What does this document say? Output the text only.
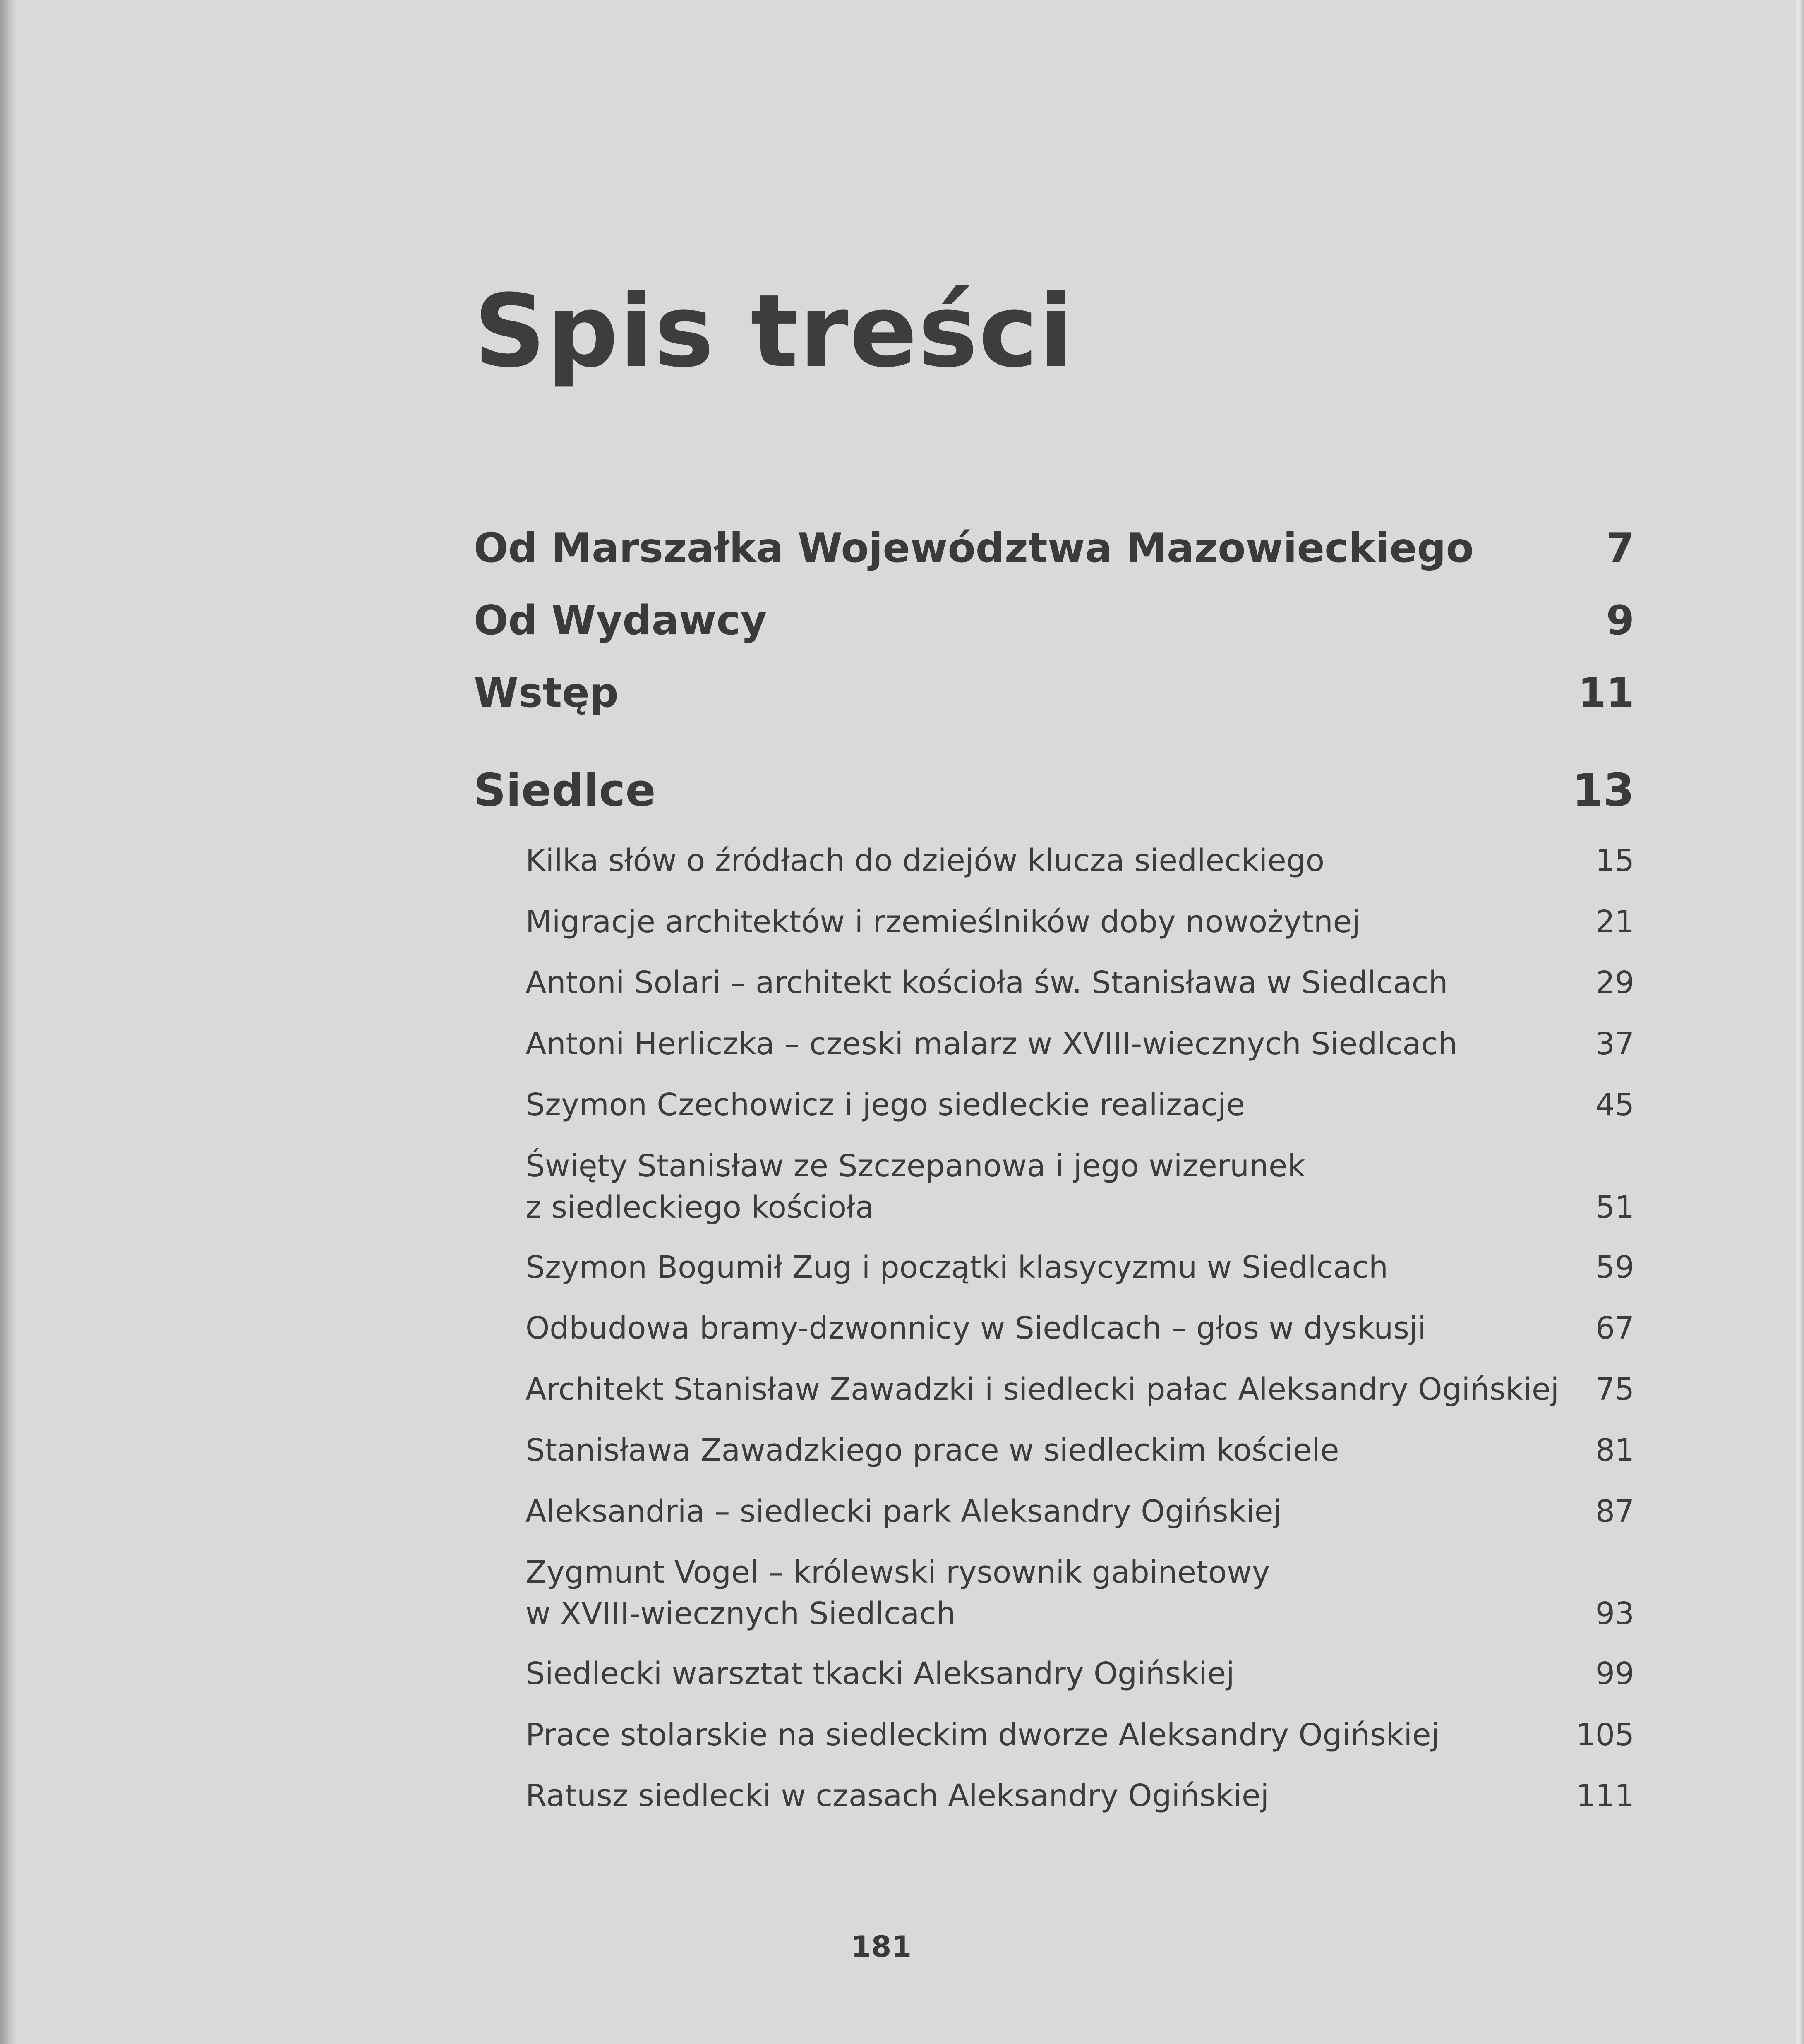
Spis treści
Od Marszałka Województwa Mazowieckiego	7
Od Wydawcy	9
Wstęp	11
Siedlce	13
Kilka słów o źródłach do dziejów klucza siedleckiego	15
Migracje architektów i rzemieślników doby nowożytnej	21
Antoni Solari – architekt kościoła św. Stanisława w Siedlcach	29
Antoni Herliczka – czeski malarz w XVIII-wiecznych Siedlcach	37
Szymon Czechowicz i jego siedleckie realizacje	45
Święty Stanisław ze Szczepanowa i jego wizerunek
z siedleckiego kościoła	51
Szymon Bogumił Zug i początki klasycyzmu w Siedlcach	59
Odbudowa bramy-dzwonnicy w Siedlcach – głos w dyskusji	67
Architekt Stanisław Zawadzki i siedlecki pałac Aleksandry Ogińskiej 75
Stanisława Zawadzkiego prace w siedleckim kościele	81
Aleksandria – siedlecki park Aleksandry Ogińskiej	87
Zygmunt Vogel – królewski rysownik gabinetowy
w XVIII-wiecznych Siedlcach	93
Siedlecki warsztat tkacki Aleksandry Ogińskiej	99
Prace stolarskie na siedleckim dworze Aleksandry Ogińskiej	105
Ratusz siedlecki w czasach Aleksandry Ogińskiej	111
181
